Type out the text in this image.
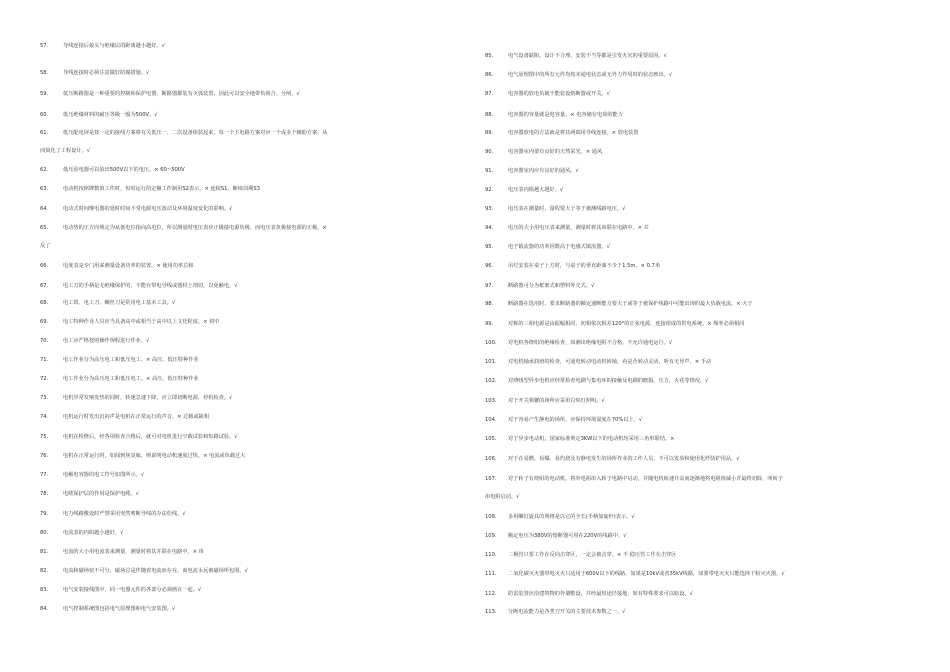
57.	导线连接后接头与绝缘层的距离越小越好。√
58.	导线连接时必须注意做好防腐措施。√
59.	低压断路器是一种重要的控制和保护电器，断路器都装有灭弧装置，因此可以安全地带负荷合、分闸。√
60.	低压绝缘材料的耐压等级一般为500V。√
61.	低压配电屏是按一定的接线方案将有关低压一、二次设备组装起来，每一个主电路方案对应一个或多个辅助方案，从
而简化了工程设计。√
62.	低压验电器可以验出500V以下的电压。× 60~500V
63.	电动机按铭牌数值工作时，短时运行的定额工作制用S2表示。× 连续S1，断续周期S3
64.	电动式时间继电器的延时时间不受电源电压波动及环境温度变化的影响。√
65.	电动势的正方向规定为从低电位指向高电位，所以测量时电压表应正极接电源负极、而电压表负极接电源的正极。×
反了
66.	电度表是专门用来测量设备功率的装置。× 使用功率总和
67.	电工刀的手柄是无绝缘保护的，不能在带电导线或器材上剖切，以免触电。√
68.	电工钳、电工刀、螺丝刀是常用电工基本工具。√
69.	电工特种作业人员应当具备高中或相当于高中以上文化程度。× 初中
70.	电工应严格按照操作规程进行作业。√
71.	电工作业分为高压电工和低压电工。× 高压、低压特种作业
72.	电工作业分为高压电工和低压电工。× 高压、低压特种作业
73.	电机异常发响发热的同时，转速急速下降，应立即切断电源，停机检查。√
74.	电机运行时发出沉闷声是电机在正常运行的声音。× 过载或缺相
75.	电机在检修后，经各项检查合格后，就可对电机进行空载试验和短路试验。√
76.	电机在正常运行时，如闻到焦臭味，则说明电动机速度过快。× 电流或负载过大
77.	电解电容器的电工符号如图所示。√
78.	电缆保护层的作用是保护电缆。√
79.	电力线路敷设时严禁采用突然剪断导线的办法松线。√
80.	电流表的内阻越小越好。√
81.	电流的大小用电流表来测量，测量时将其并联在电路中。× 串
82.	电流和磁场密不可分，磁场总是伴随着电流而存在，而电流永远被磁场所包围。√
83.	电气安装接线图中，同一电器元件的各部分必须画在一起。√
84.	电气控制系统图包括电气原理图和电气安装图。√
85.	电气设备缺陷，设计不合理，安装不当等都是引发火灾的重要原因。√
86.	电气原理图中的所有元件均按未通电状态或无外力作用时的状态画出。√
87.	电容器的放电负载不能装设熔断器或开关。√
88.	电容器的容量就是电容量。× 电容储存电荷的能力
89.	电容器放电的方法就是将其两端用导线连接。× 放电装置
90.	电容器室内要有良好的天然采光。× 通风
91.	电容器室内应有良好的通风。√
92.	电压表内阻越大越好。√
93.	电压表在测量时，量程要大于等于被测线路电压。√
94.	电压的大小用电压表来测量，测量时将其串联在电路中。× 并
95.	电子镇流器的功率因数高于电感式镇流器。√
96.	吊灯安装在桌子上方时，与桌子的垂直距离不少于1.5m。× 0.7米
97.	断路器可分为框架式和塑料外壳式。√
98.	断路器在选用时，要求断路器的额定通断能力要大于或等于被保护线路中可能出现的最大负载电流。× 大于
99.	对称的三相电源是由振幅相同、初相依次相差120°的正弦电源，连接组成的供电系统。× 频率必须相同
100.	对电机各绕组的绝缘检查，如测出绝缘电阻不合格，不允许通电运行。√
101.	对电机轴承润滑的检查，可通电转动电动机转轴，看是否转动灵活，听有无异声。× 手动
102.	对绕线型异步电机应经常检查电刷与集电环的接触及电刷的磨损，压力，火花等情况。√
103.	对于开关频繁的场所应采用白炽灯照明。√
104.	对于容易产生静电的场所，应保持环境湿度在70%以上。√
105.	对于异步电动机，国家标准规定3KW以下的电动机均采用三角形联结。×
106.	对于在易燃、易爆、易灼烧及有静电发生的场所作业的工作人员，不可以发放和使用化纤防护用品。√
107.	对于转子有绕组的电动机，将外电阻串入转子电路中启动，并随电机转速升高而逐渐地将电阻值减小并最终切除，叫转子
串电阻启动。√
108.	多用螺钉旋具的规格是以它的全长(手柄加旋杆)表示。√
109.	额定电压为380V的熔断器可用在220V的线路中。√
110.	二极管只要工作在反向击穿区，一定会被击穿。× 不 稳压管工作在击穿区
111.	二氧化碳灭火器带电灭火只适用于600V以下的线路，如果是10kV或者35kV线路，如要带电灭火只能选择干粉灭火器。√
112.	防雷装置应沿建筑物的外墙敷设，并经最短途径接地，如有特殊要求可以暗设。√
113.	分断电流能力是各类刀开关的主要技术参数之一。√
